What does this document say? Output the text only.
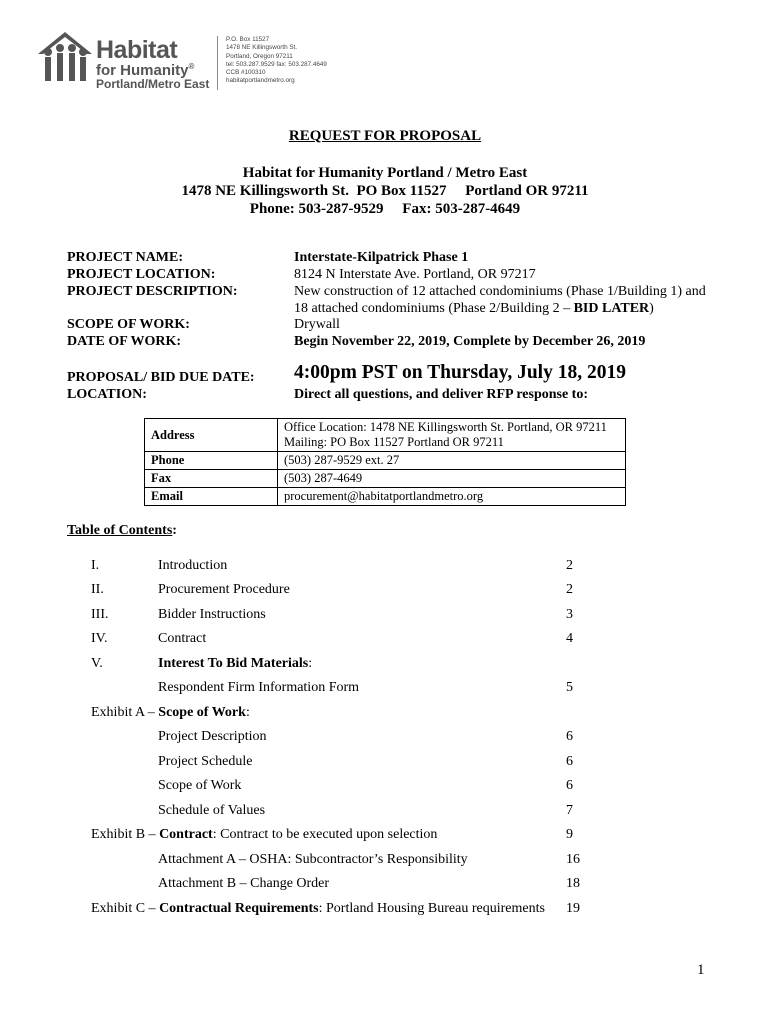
Habitat
for Humanity®
Portland/Metro East
P.O. Box 11527
1478 NE Killingsworth St.
Portland, Oregon 97211
tel: 503.287.9529 fax: 503.287.4649
CCB #100310
habitatportlandmetro.org
REQUEST FOR PROPOSAL
Habitat for Humanity Portland / Metro East
1478 NE Killingsworth St.  PO Box 11527     Portland OR 97211
Phone: 503-287-9529     Fax: 503-287-4649
PROJECT NAME:	Interstate-Kilpatrick Phase 1
PROJECT LOCATION:	8124 N Interstate Ave. Portland, OR 97217
PROJECT DESCRIPTION:	New construction of 12 attached condominiums (Phase 1/Building 1) and
18 attached condominiums (Phase 2/Building 2 – BID LATER)
SCOPE OF WORK:	Drywall
DATE OF WORK:	Begin November 22, 2019, Complete by December 26, 2019
PROPOSAL/ BID DUE DATE: 4:00pm PST on Thursday, July 18, 2019
LOCATION:	Direct all questions, and deliver RFP response to:
Address	Office Location: 1478 NE Killingsworth St. Portland, OR 97211
Mailing: PO Box 11527 Portland OR 97211

Phone	(503) 287-9529 ext. 27
Fax	(503) 287-4649
Email	procurement@habitatportlandmetro.org
Table of Contents:
I.	Introduction	2
II.	Procurement Procedure	2
III.	Bidder Instructions	3
IV.	Contract	4
V.	Interest To Bid Materials:
Respondent Firm Information Form	5
Exhibit A – Scope of Work:
Project Description	6
Project Schedule	6
Scope of Work	6
Schedule of Values	7
Exhibit B – Contract: Contract to be executed upon selection	9
Attachment A – OSHA: Subcontractor’s Responsibility	16
Attachment B – Change Order	18
Exhibit C – Contractual Requirements: Portland Housing Bureau requirements 19
1
